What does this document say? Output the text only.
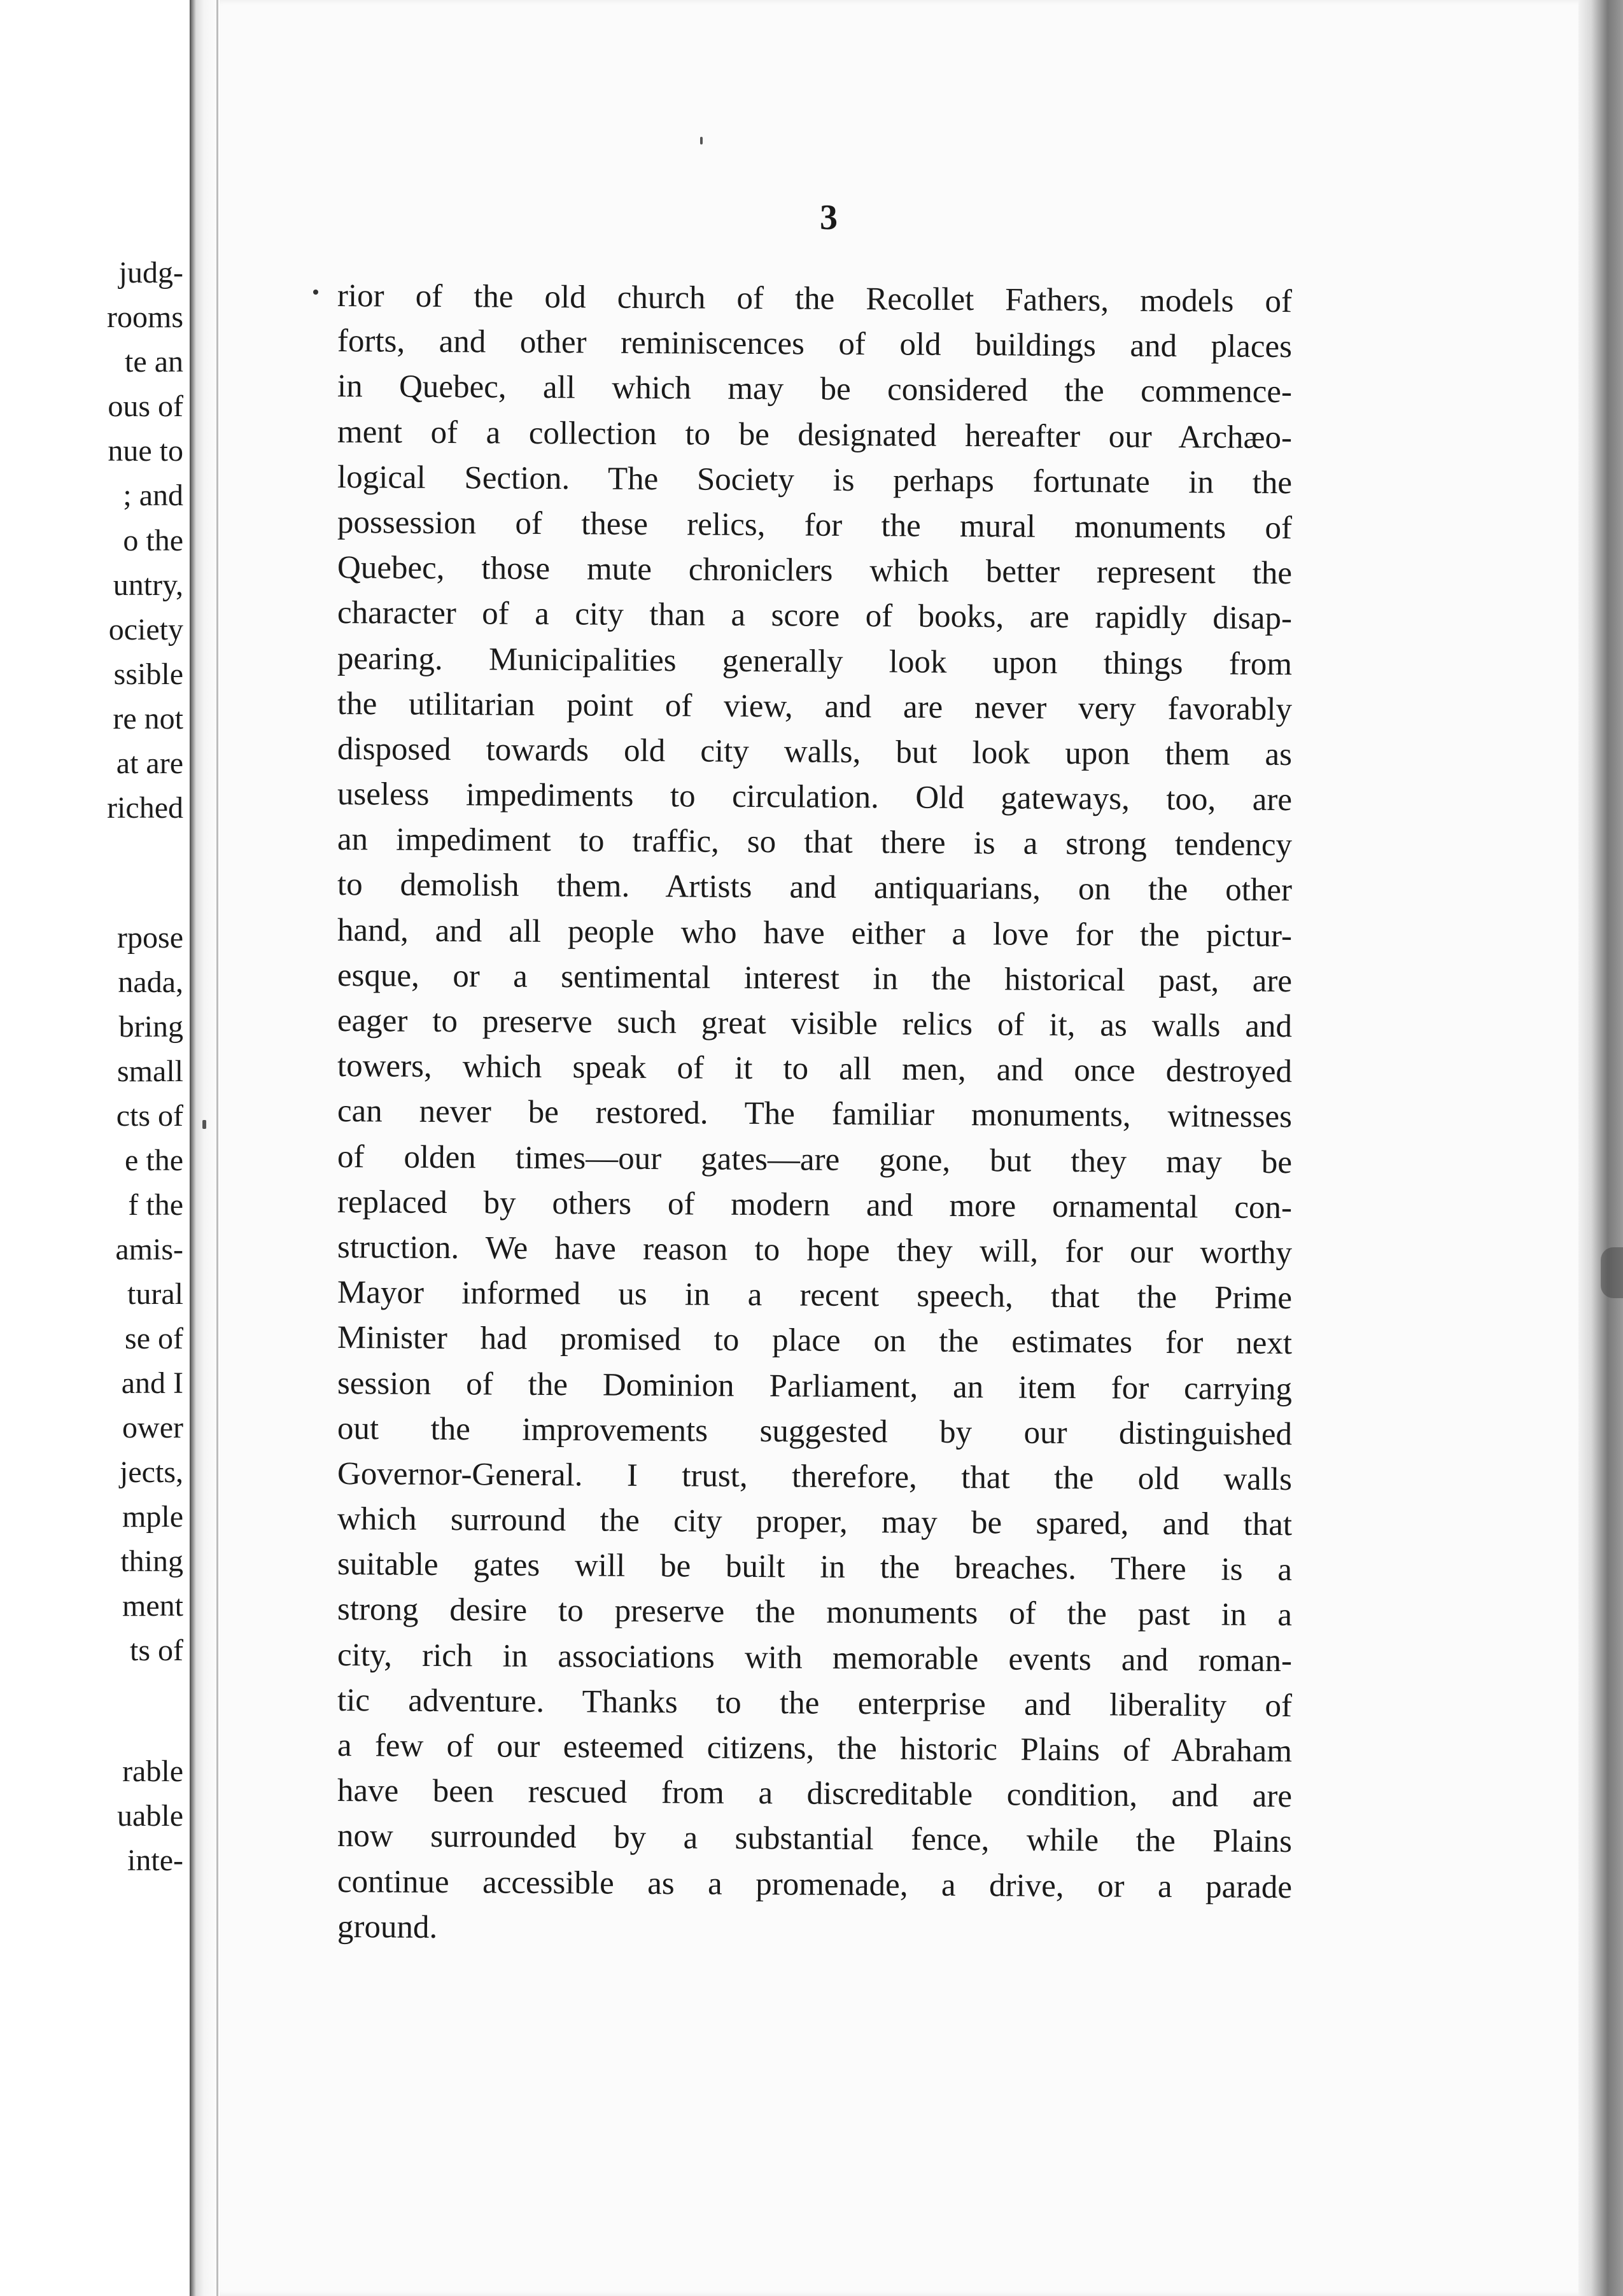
judg-
rooms
te an
ous of
nue to
; and
o the
untry,
ociety
ssible
re not
at are
riched
rpose
nada,
bring
small
cts of
e the
f the
amis-
tural
se of
and I
ower
jects,
mple
thing
ment
ts of
rable
uable
inte-
3
rior of the old church of the Recollet Fathers, models of
forts, and other reminiscences of old buildings and places
in Quebec, all which may be considered the commence-
ment of a collection to be designated hereafter our Archæo-
logical Section. The Society is perhaps fortunate in the
possession of these relics, for the mural monuments of
Quebec, those mute chroniclers which better represent the
character of a city than a score of books, are rapidly disap-
pearing. Municipalities generally look upon things from
the utilitarian point of view, and are never very favorably
disposed towards old city walls, but look upon them as
useless impediments to circulation. Old gateways, too, are
an impediment to traffic, so that there is a strong tendency
to demolish them. Artists and antiquarians, on the other
hand, and all people who have either a love for the pictur-
esque, or a sentimental interest in the historical past, are
eager to preserve such great visible relics of it, as walls and
towers, which speak of it to all men, and once destroyed
can never be restored. The familiar monuments, witnesses
of olden times—our gates—are gone, but they may be
replaced by others of modern and more ornamental con-
struction. We have reason to hope they will, for our worthy
Mayor informed us in a recent speech, that the Prime
Minister had promised to place on the estimates for next
session of the Dominion Parliament, an item for carrying
out the improvements suggested by our distinguished
Governor-General. I trust, therefore, that the old walls
which surround the city proper, may be spared, and that
suitable gates will be built in the breaches. There is a
strong desire to preserve the monuments of the past in a
city, rich in associations with memorable events and roman-
tic adventure. Thanks to the enterprise and liberality of
a few of our esteemed citizens, the historic Plains of Abraham
have been rescued from a discreditable condition, and are
now surrounded by a substantial fence, while the Plains
continue accessible as a promenade, a drive, or a parade
ground.
